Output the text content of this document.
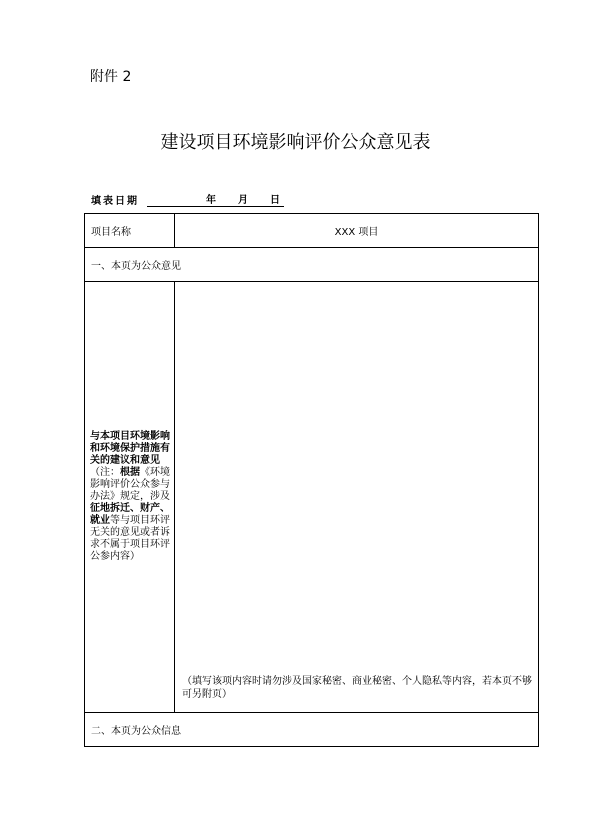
附件 2
建设项目环境影响评价公众意见表
填表日期	年	月	日
项目名称	XXX 项目
一、本页为公众意见	
与本项目环境影响和环境保护措施有关的建议和意见（注：根据《环境影响评价公众参与办法》规定，涉及征地拆迁、财产、就业等与项目环评无关的意见或者诉求不属于项目环评公参内容）	（填写该项内容时请勿涉及国家秘密、商业秘密、个人隐私等内容，若本页不够可另附页）

二、本页为公众信息	
